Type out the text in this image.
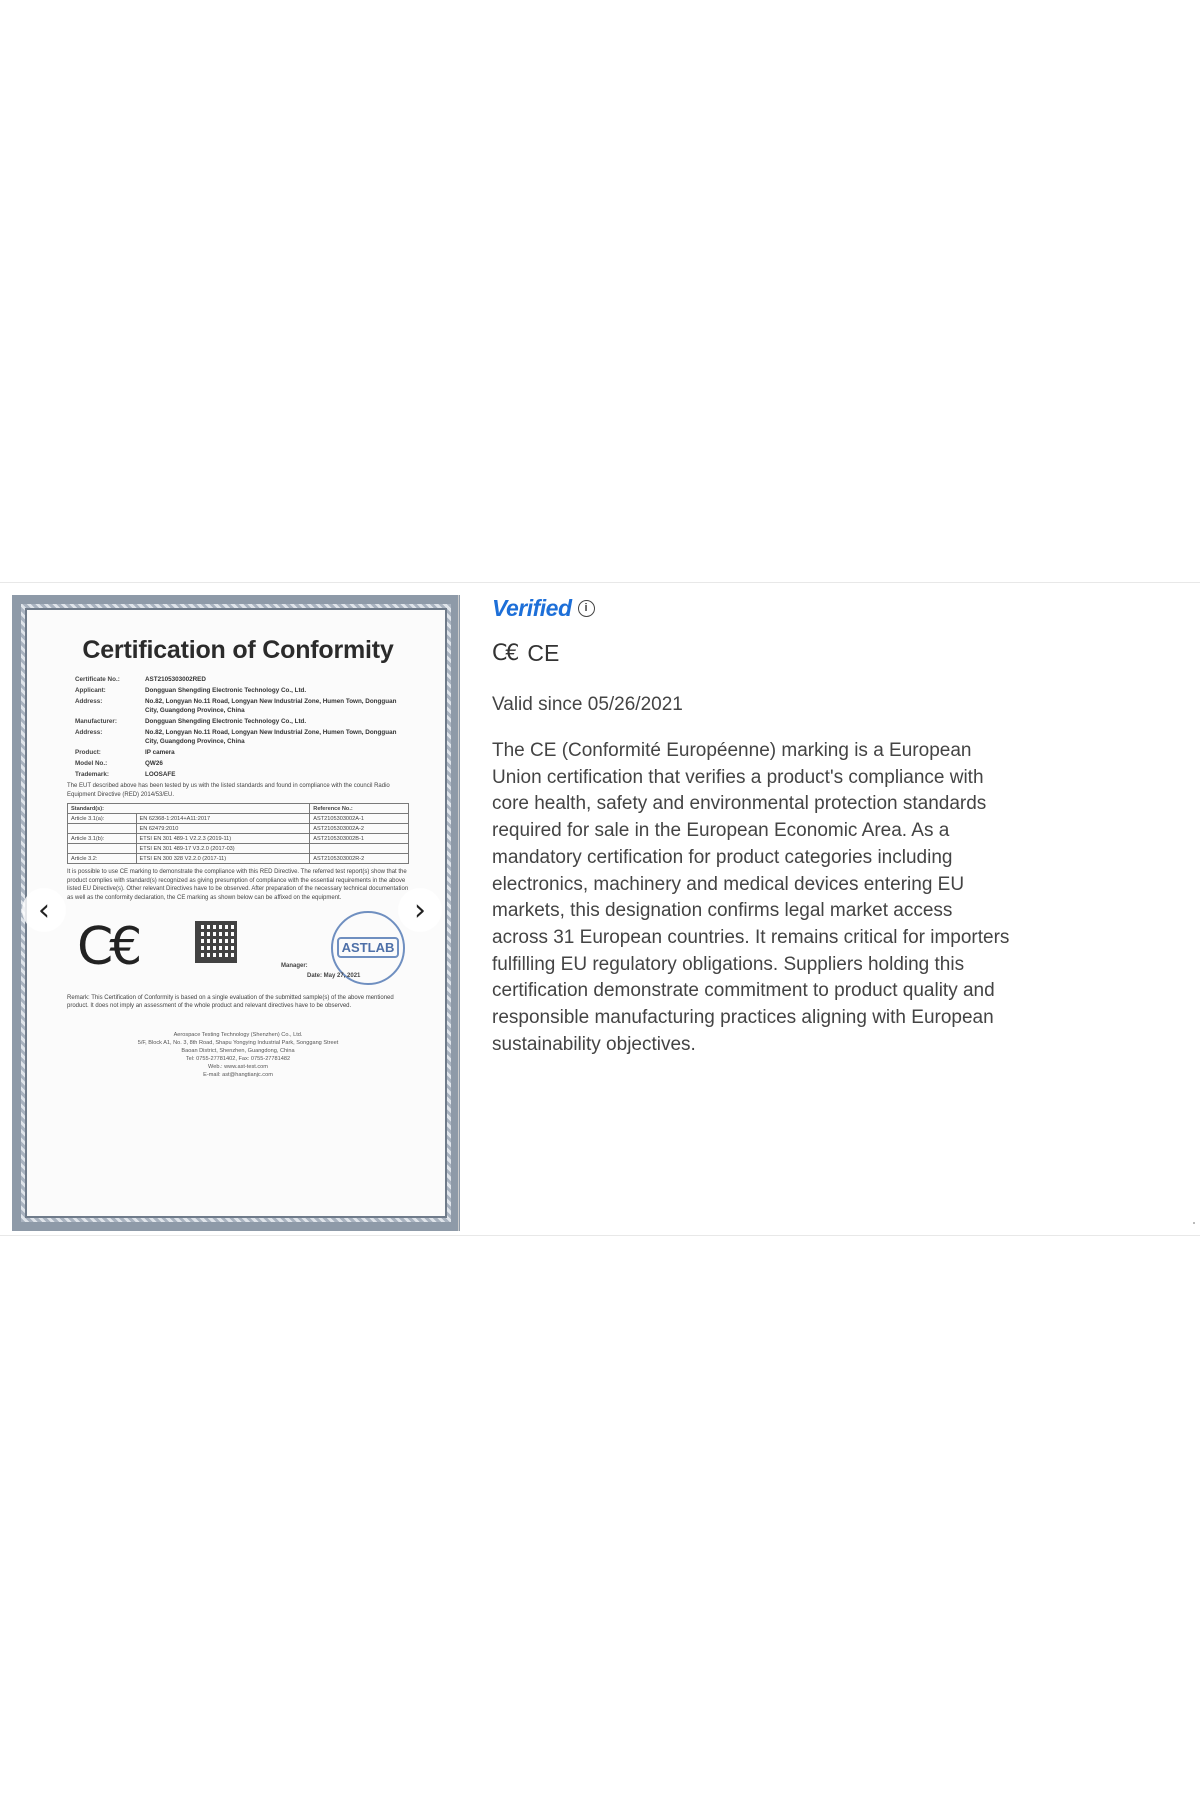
Certification of Conformity
Certificate No.:	AST2105303002RED
Applicant:	Dongguan Shengding Electronic Technology Co., Ltd.
Address:	No.82, Longyan No.11 Road, Longyan New Industrial Zone, Humen Town, Dongguan City, Guangdong Province, China
Manufacturer:	Dongguan Shengding Electronic Technology Co., Ltd.
Address:	No.82, Longyan No.11 Road, Longyan New Industrial Zone, Humen Town, Dongguan City, Guangdong Province, China
Product:	IP camera
Model No.:	QW26
Trademark:	LOOSAFE
The EUT described above has been tested by us with the listed standards and found in compliance with the council Radio Equipment Directive (RED) 2014/53/EU.
Standard(s):		Reference No.:
Article 3.1(a):	EN 62368-1:2014+A11:2017	AST2105303002A-1
	EN 62479:2010	AST2105303002A-2
Article 3.1(b):	ETSI EN 301 489-1 V2.2.3 (2019-11)	AST2105303002B-1
	ETSI EN 301 489-17 V3.2.0 (2017-03)	
Article 3.2:	ETSI EN 300 328 V2.2.0 (2017-11)	AST2105303002R-2
It is possible to use CE marking to demonstrate the compliance with this RED Directive. The referred test report(s) show that the product complies with standard(s) recognized as giving presumption of compliance with the essential requirements in the above listed EU Directive(s). Other relevant Directives have to be observed. After preparation of the necessary technical documentation as well as the conformity declaration, the CE marking as shown below can be affixed on the equipment.
C€	ASTLAB
Manager:
Date: May 27, 2021
Remark: This Certification of Conformity is based on a single evaluation of the submitted sample(s) of the above mentioned product. It does not imply an assessment of the whole product and relevant directives have to be observed.
Aerospace Testing Technology (Shenzhen) Co., Ltd.
5/F, Block A1, No. 3, 8th Road, Shapu Yongying Industrial Park, Songgang Street
Baoan District, Shenzhen, Guangdong, China
Tel: 0755-27781402, Fax: 0755-27781482
Web.: www.ast-test.com
E-mail: ast@hangtianjc.com
‹	›
Verified	i
C€ CE
Valid since 05/26/2021
The CE (Conformité Européenne) marking is a European Union certification that verifies a product's compliance with core health, safety and environmental protection standards required for sale in the European Economic Area. As a mandatory certification for product categories including electronics, machinery and medical devices entering EU markets, this designation confirms legal market access across 31 European countries. It remains critical for importers fulfilling EU regulatory obligations. Suppliers holding this certification demonstrate commitment to product quality and responsible manufacturing practices aligning with European sustainability objectives.
